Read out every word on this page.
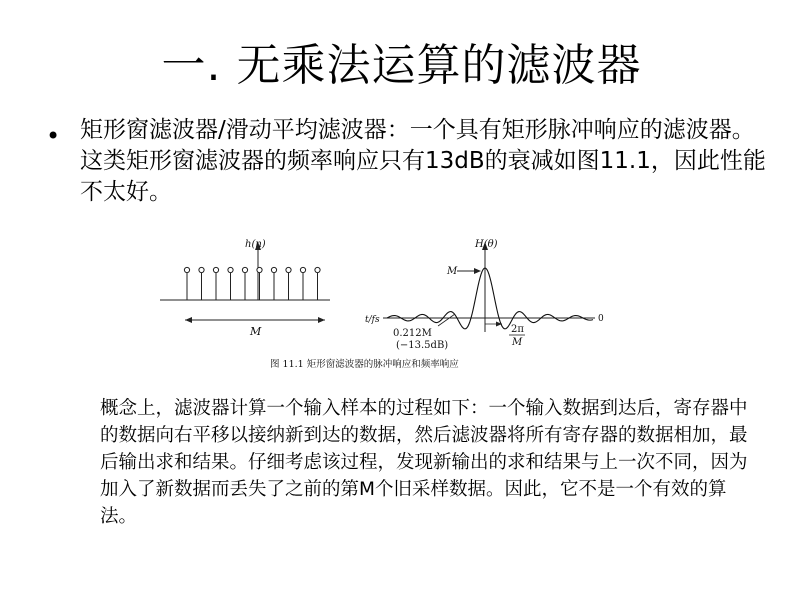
一. 无乘法运算的滤波器
• 矩形窗滤波器/滑动平均滤波器：一个具有矩形脉冲响应的滤波器。这类矩形窗滤波器的频率响应只有13dB的衰减如图11.1，因此性能不太好。
h(n)
M
t/fs	0
H(θ)
M
0.212M
(−13.5dB)
2π
M
图 11.1 矩形窗滤波器的脉冲响应和频率响应
概念上，滤波器计算一个输入样本的过程如下：一个输入数据到达后，寄存器中的数据向右平移以接纳新到达的数据，然后滤波器将所有寄存器的数据相加，最后输出求和结果。仔细考虑该过程，发现新输出的求和结果与上一次不同，因为加入了新数据而丢失了之前的第M个旧采样数据。因此，它不是一个有效的算法。
